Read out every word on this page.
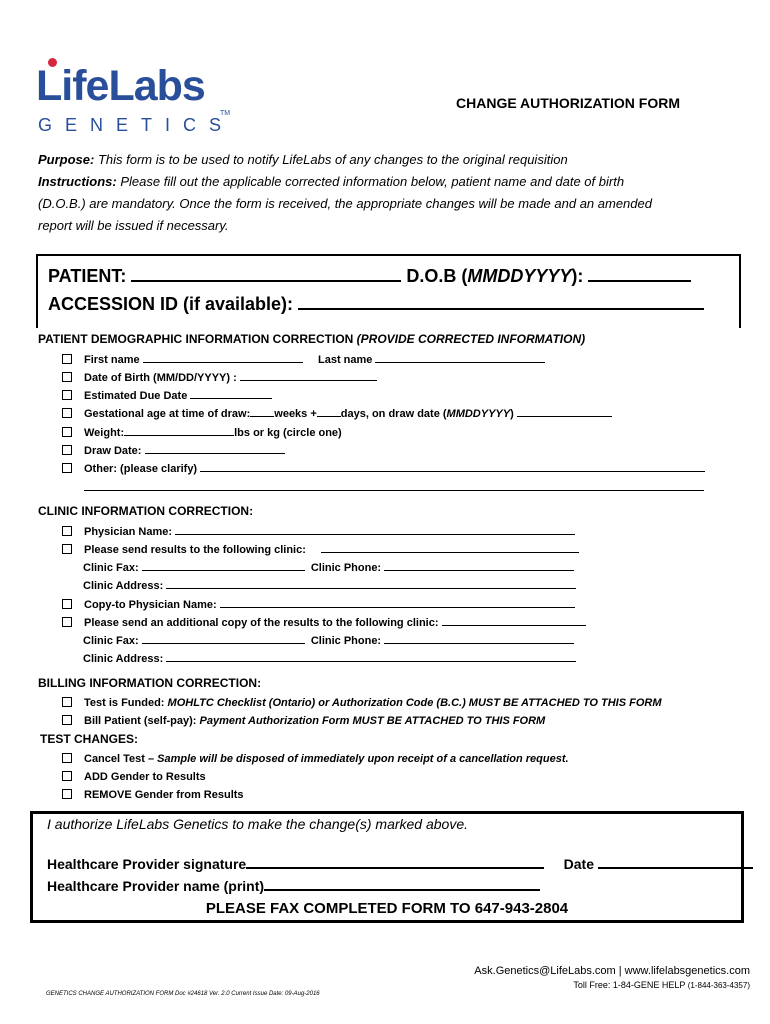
LifeLabs
GENETICS
TM
CHANGE AUTHORIZATION FORM
Purpose: This form is to be used to notify LifeLabs of any changes to the original requisition
Instructions: Please fill out the applicable corrected information below, patient name and date of birth
(D.O.B.) are mandatory. Once the form is received, the appropriate changes will be made and an amended
report will be issued if necessary.
PATIENT:	D.O.B (MMDDYYYY):
ACCESSION ID (if available):
PATIENT DEMOGRAPHIC INFORMATION CORRECTION (PROVIDE CORRECTED INFORMATION)
First name	Last name
Date of Birth (MM/DD/YYYY) :
Estimated Due Date
Gestational age at time of draw: weeks + days, on draw date (MMDDYYYY)
Weight:	lbs or kg (circle one)
Draw Date:
Other: (please clarify)
CLINIC INFORMATION CORRECTION:
Physician Name:
Please send results to the following clinic:
Clinic Fax:	Clinic Phone:
Clinic Address:
Copy-to Physician Name:
Please send an additional copy of the results to the following clinic:
Clinic Fax:	Clinic Phone:
Clinic Address:
BILLING INFORMATION CORRECTION:
Test is Funded: MOHLTC Checklist (Ontario) or Authorization Code (B.C.) MUST BE ATTACHED TO THIS FORM
Bill Patient (self-pay): Payment Authorization Form MUST BE ATTACHED TO THIS FORM
TEST CHANGES:
Cancel Test – Sample will be disposed of immediately upon receipt of a cancellation request.
ADD Gender to Results
REMOVE Gender from Results
I authorize LifeLabs Genetics to make the change(s) marked above.
Healthcare Provider signature	Date
Healthcare Provider name (print)
PLEASE FAX COMPLETED FORM TO 647-943-2804
Ask.Genetics@LifeLabs.com | www.lifelabsgenetics.com
Toll Free: 1-84-GENE HELP (1-844-363-4357)
GENETICS CHANGE AUTHORIZATION FORM Doc #24618 Ver. 2.0 Current Issue Date: 09-Aug-2016
